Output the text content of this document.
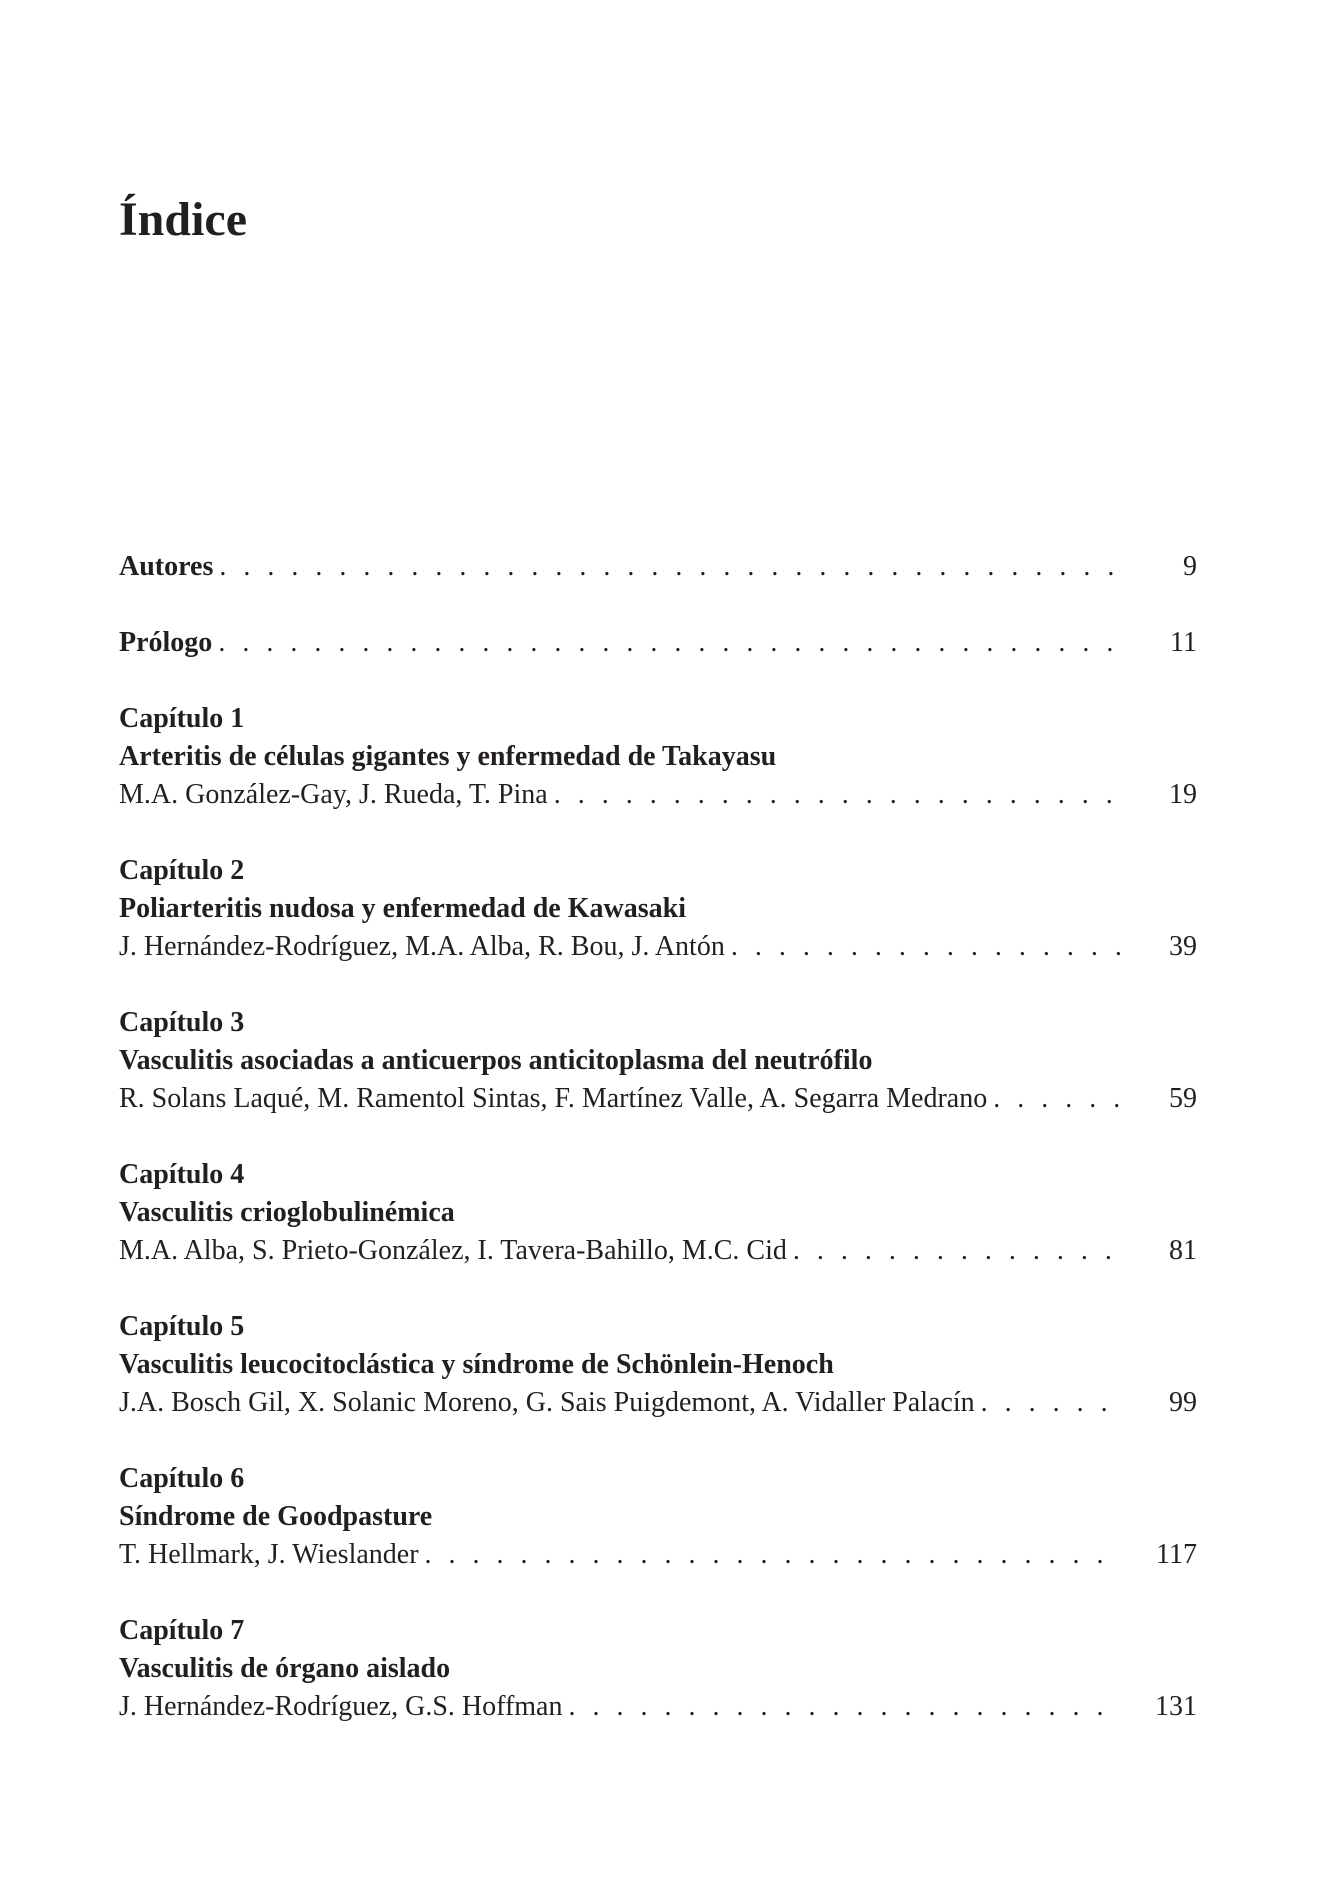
Índice
Autores . . .	9
Prólogo . . .	11
Capítulo 1
Arteritis de células gigantes y enfermedad de Takayasu
M.A. González-Gay, J. Rueda, T. Pina . . .	19
Capítulo 2
Poliarteritis nudosa y enfermedad de Kawasaki
J. Hernández-Rodríguez, M.A. Alba, R. Bou, J. Antón . . .	39
Capítulo 3
Vasculitis asociadas a anticuerpos anticitoplasma del neutrófilo
R. Solans Laqué, M. Ramentol Sintas, F. Martínez Valle, A. Segarra Medrano . . .	59
Capítulo 4
Vasculitis crioglobulinémica
M.A. Alba, S. Prieto-González, I. Tavera-Bahillo, M.C. Cid . . .	81
Capítulo 5
Vasculitis leucocitoclástica y síndrome de Schönlein-Henoch
J.A. Bosch Gil, X. Solanic Moreno, G. Sais Puigdemont, A. Vidaller Palacín . . .	99
Capítulo 6
Síndrome de Goodpasture
T. Hellmark, J. Wieslander . . .	117
Capítulo 7
Vasculitis de órgano aislado
J. Hernández-Rodríguez, G.S. Hoffman . . .	131
